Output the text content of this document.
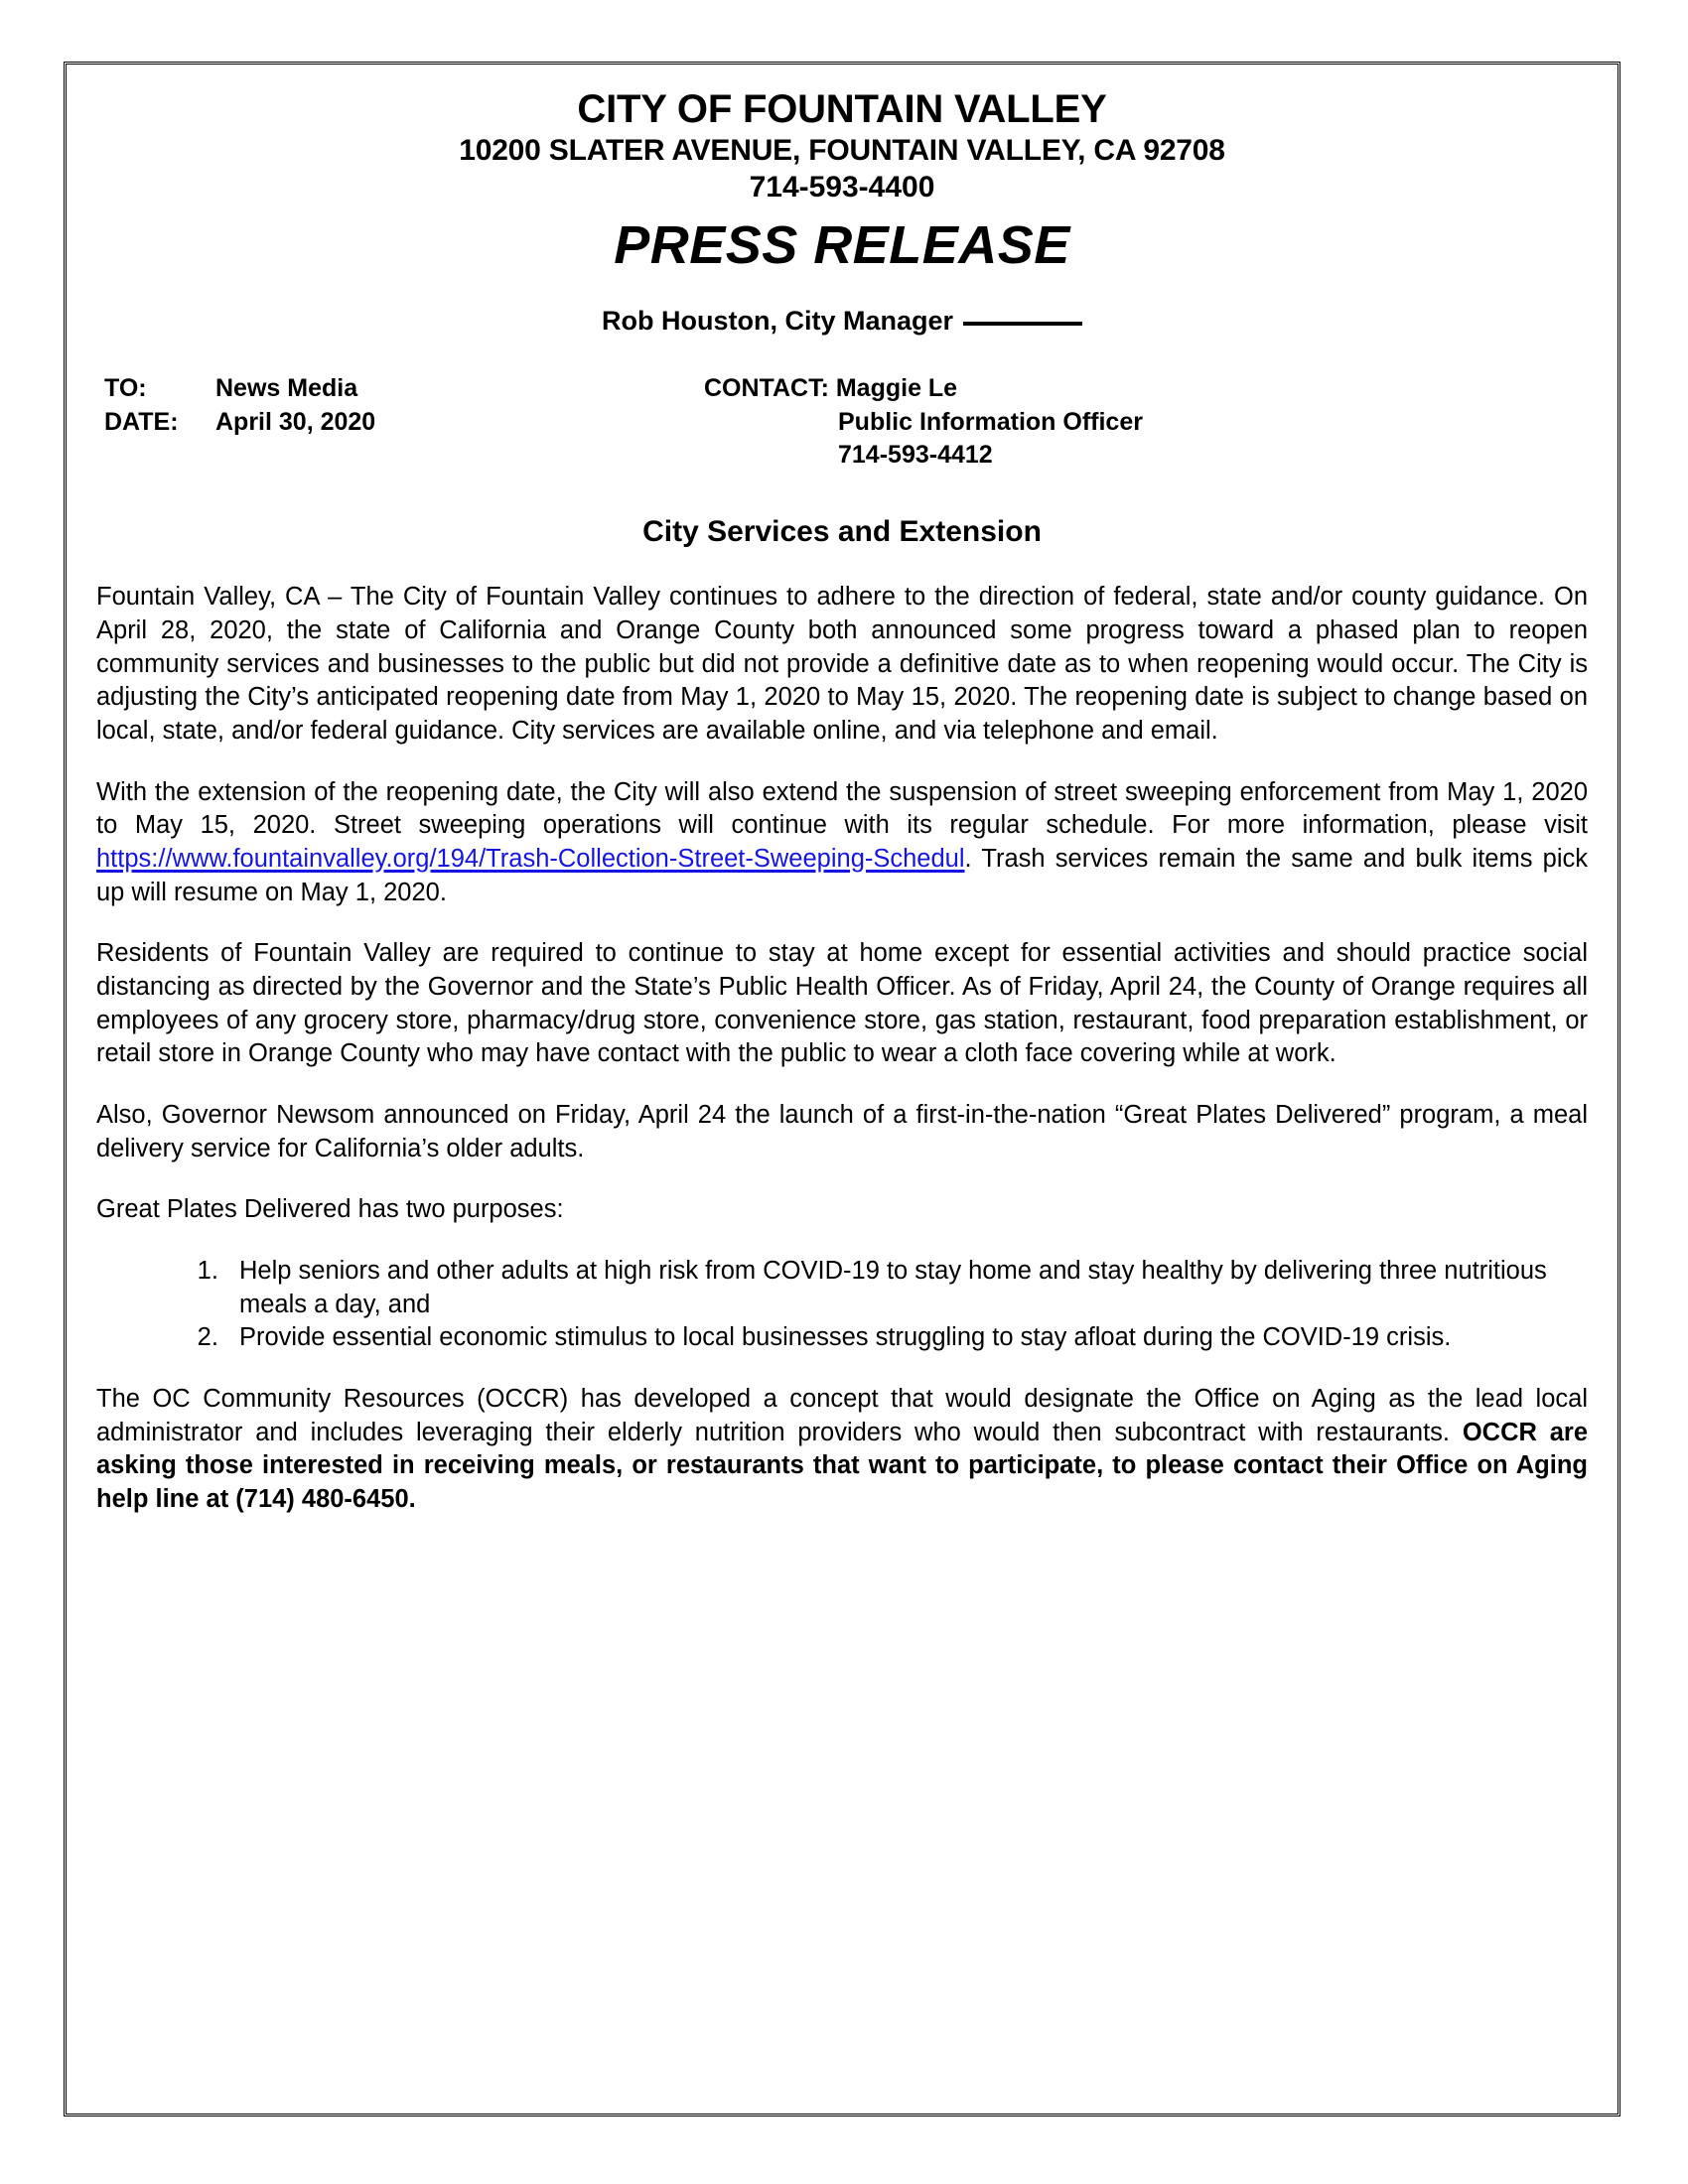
CITY OF FOUNTAIN VALLEY
10200 SLATER AVENUE, FOUNTAIN VALLEY, CA 92708
714-593-4400
PRESS RELEASE
Rob Houston, City Manager
TO:	News Media
DATE:	April 30, 2020
CONTACT: Maggie Le
Public Information Officer
714-593-4412
City Services and Extension

Fountain Valley, CA – The City of Fountain Valley continues to adhere to the direction of federal, state and/or county guidance. On April 28, 2020, the state of California and Orange County both announced some progress toward a phased plan to reopen community services and businesses to the public but did not provide a definitive date as to when reopening would occur. The City is adjusting the City’s anticipated reopening date from May 1, 2020 to May 15, 2020. The reopening date is subject to change based on local, state, and/or federal guidance. City services are available online, and via telephone and email.

With the extension of the reopening date, the City will also extend the suspension of street sweeping enforcement from May 1, 2020 to May 15, 2020. Street sweeping operations will continue with its regular schedule. For more information, please visit https://www.fountainvalley.org/194/Trash-Collection-Street-Sweeping-Schedul. Trash services remain the same and bulk items pick up will resume on May 1, 2020.

Residents of Fountain Valley are required to continue to stay at home except for essential activities and should practice social distancing as directed by the Governor and the State’s Public Health Officer. As of Friday, April 24, the County of Orange requires all employees of any grocery store, pharmacy/drug store, convenience store, gas station, restaurant, food preparation establishment, or retail store in Orange County who may have contact with the public to wear a cloth face covering while at work.

Also, Governor Newsom announced on Friday, April 24 the launch of a first-in-the-nation “Great Plates Delivered” program, a meal delivery service for California’s older adults.

Great Plates Delivered has two purposes:

1. Help seniors and other adults at high risk from COVID-19 to stay home and stay healthy by delivering three nutritious meals a day, and
2. Provide essential economic stimulus to local businesses struggling to stay afloat during the COVID-19 crisis.

The OC Community Resources (OCCR) has developed a concept that would designate the Office on Aging as the lead local administrator and includes leveraging their elderly nutrition providers who would then subcontract with restaurants. OCCR are asking those interested in receiving meals, or restaurants that want to participate, to please contact their Office on Aging help line at (714) 480-6450.
